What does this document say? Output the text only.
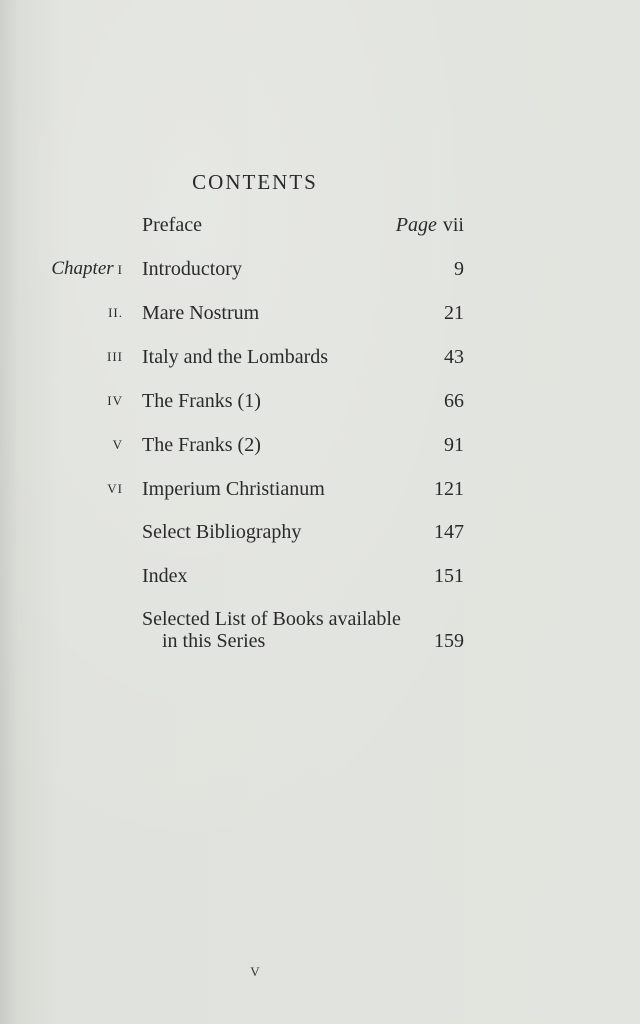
CONTENTS
Preface	Page vii
Chapter I Introductory	9
II. Mare Nostrum	21
III Italy and the Lombards	43
IV The Franks (1)	66
V The Franks (2)	91
VI Imperium Christianum	121
Select Bibliography	147
Index	151
Selected List of Books available
in this Series	159
v
